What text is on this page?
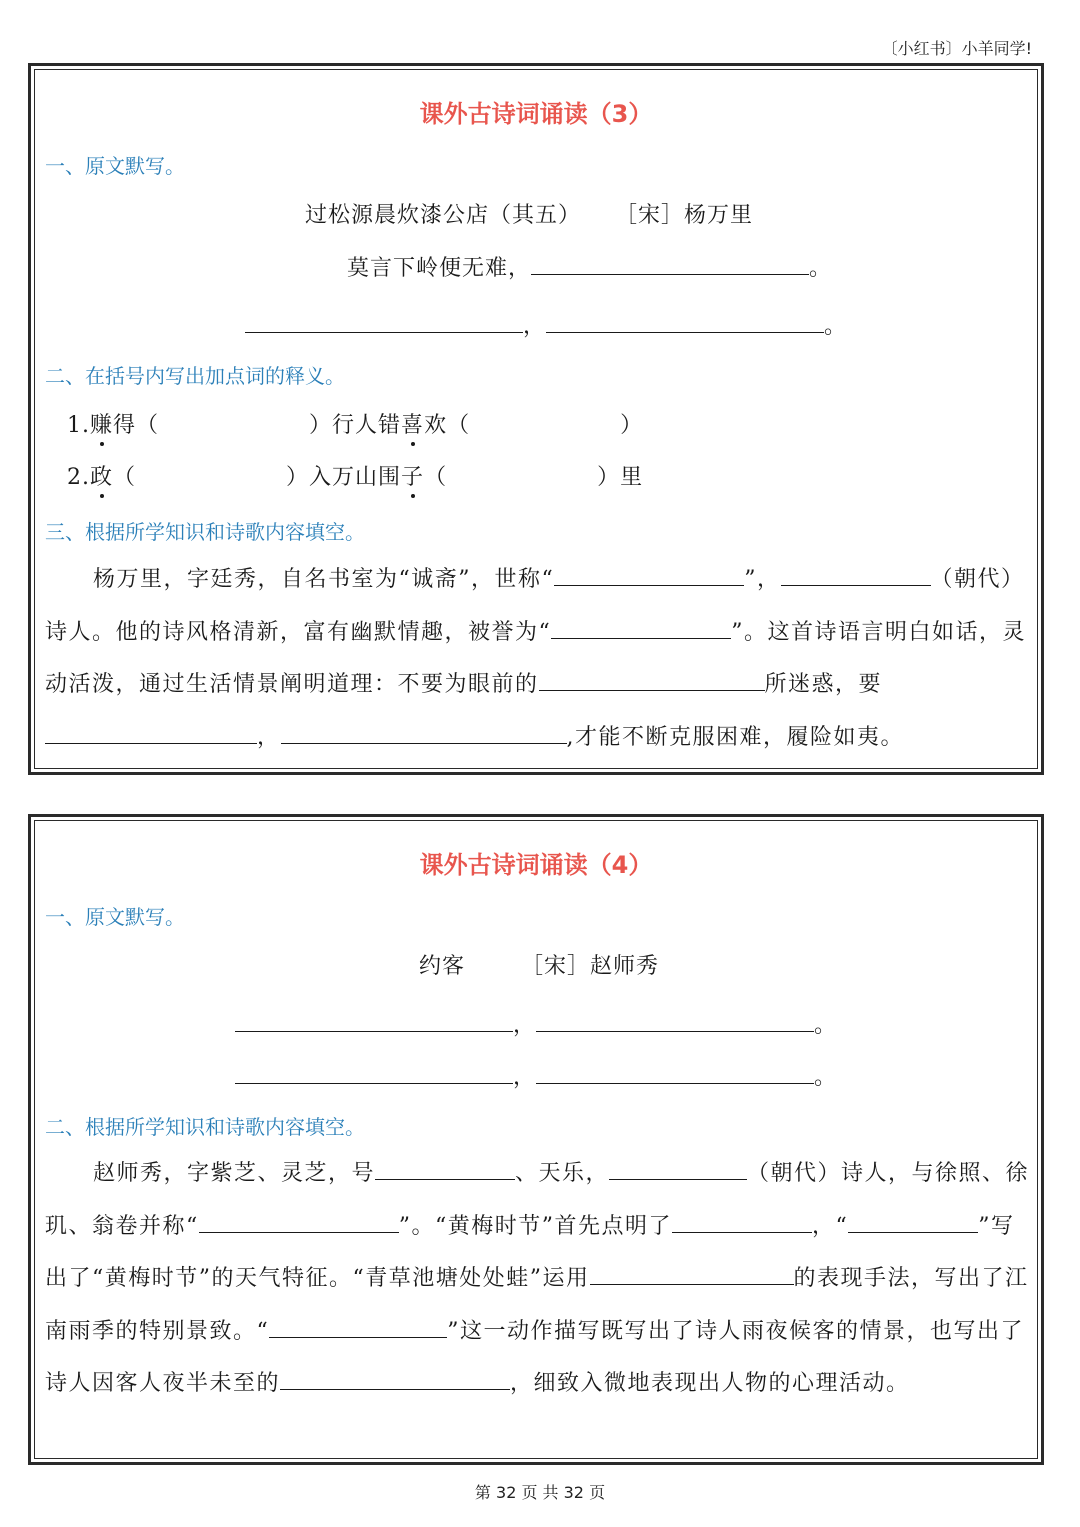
〔小红书〕小羊同学!
课外古诗词诵读（3）
一、原文默写。
过松源晨炊漆公店（其五） ［宋］杨万里
莫言下岭便无难，	。
，	。
二、在括号内写出加点词的释义。
1.赚得（	）行人错喜欢（	）
2.政（	）入万山围子（	）里
三、根据所学知识和诗歌内容填空。
杨万里，字廷秀，自名书室为“诚斋”，世称“	”，	（朝代）诗人。他的诗风格清新，富有幽默情趣，被誉为“	”。这首诗语言明白如话，灵动活泼，通过生活情景阐明道理：不要为眼前的	所迷惑，要，	,才能不断克服困难，履险如夷。
课外古诗词诵读（4）
一、原文默写。
约客	［宋］赵师秀
，	。
，	。
二、根据所学知识和诗歌内容填空。
赵师秀，字紫芝、灵芝，号	、天乐，	（朝代）诗人，与徐照、徐玑、翁卷并称“	”。“黄梅时节”首先点明了	，“	”写出了“黄梅时节”的天气特征。“青草池塘处处蛙”运用	的表现手法，写出了江南雨季的特别景致。“	”这一动作描写既写出了诗人雨夜候客的情景，也写出了诗人因客人夜半未至的	，细致入微地表现出人物的心理活动。
第 32 页 共 32 页
